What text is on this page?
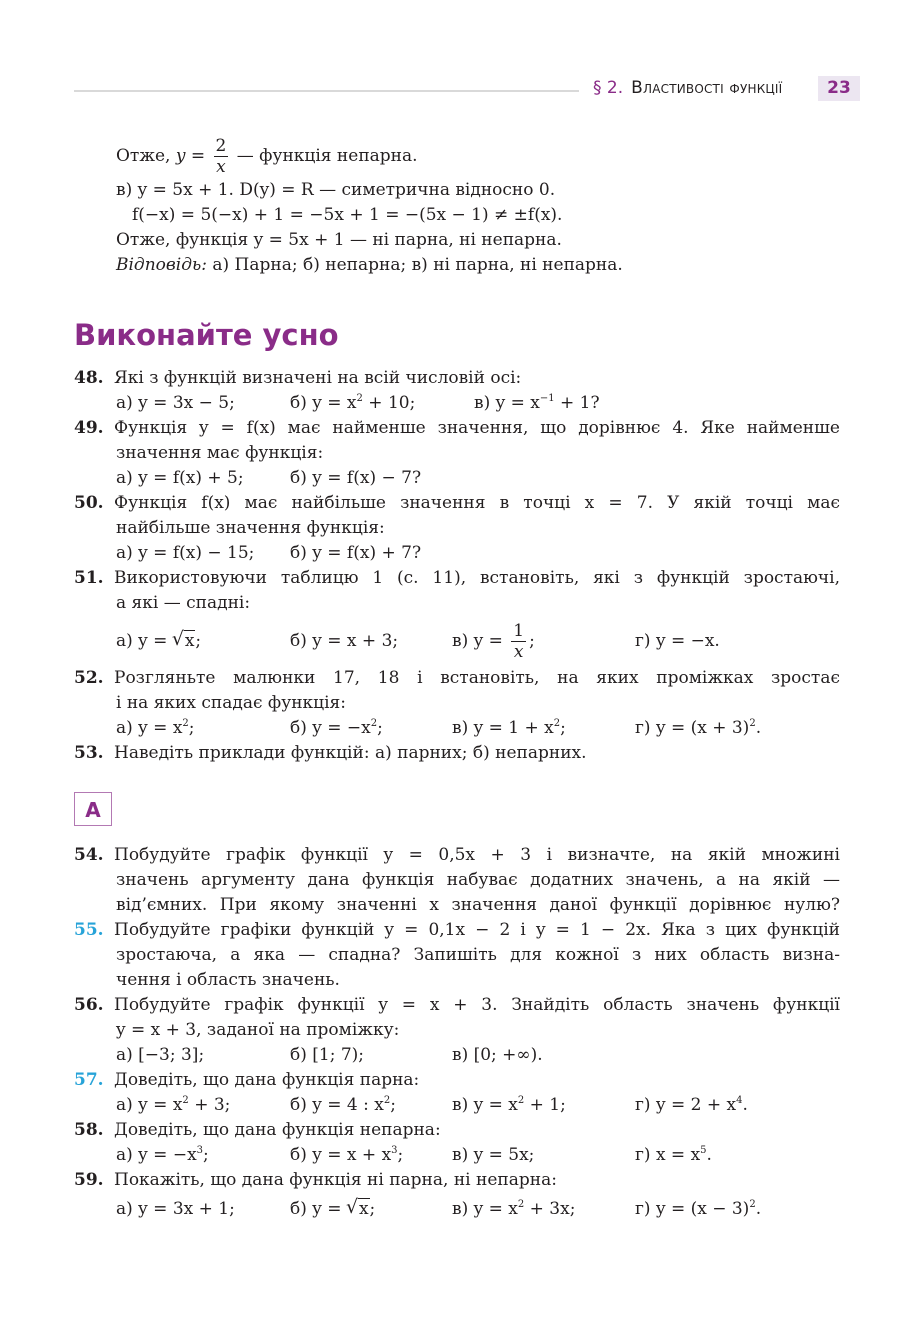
§ 2. Властивості функції	23
Отже, $y = \frac{2}{x}$ — функція непарна.
в) y = 5x + 1. D(y) = R — симетрична відносно 0.
f(−x) = 5(−x) + 1 = −5x + 1 = −(5x − 1) ≠ ±f(x).
Отже, функція y = 5x + 1 — ні парна, ні непарна.
Відповідь: а) Парна; б) непарна; в) ні парна, ні непарна.
Виконайте усно
48. Які з функцій визначені на всій числовій осі:
а) y = 3x − 5;	б) $y = x^2 + 10$;	в) $y = x^{-1} + 1$?
49. Функція y = f(x) має найменше значення, що дорівнює 4. Яке найменше
значення має функція:
а) y = f(x) + 5;	б) y = f(x) − 7?
50. Функція f(x) має найбільше значення в точці x = 7. У якій точці має
найбільше значення функція:
а) y = f(x) − 15; б) y = f(x) + 7?
51. Використовуючи таблицю 1 (с. 11), встановіть, які з функцій зростаючі,
а які — спадні:
а) y = √ x;	б) y = x + 3;	в) $y = \frac{1}{x}$ ;	г) y = −x.
52. Розгляньте малюнки 17, 18 і встановіть, на яких проміжках зростає
і на яких спадає функція:
а) $y = x^2$;	б) $y = -x^2$;	в) $y = 1 + x^2$;	г) $y = (x + 3)^2$.
53. Наведіть приклади функцій: а) парних; б) непарних.
А
54. Побудуйте графік функції y = 0,5x + 3 і визначте, на якій множині
значень аргументу дана функція набуває додатних значень, а на якій —
від’ємних. При якому значенні x значення даної функції дорівнює нулю?
55. Побудуйте графіки функцій y = 0,1x − 2 і y = 1 − 2x. Яка з цих функцій
зростаюча, а яка — спадна? Запишіть для кожної з них область визна-
чення і область значень.
56. Побудуйте графік функції y = x + 3. Знайдіть область значень функції
y = x + 3, заданої на проміжку:
а) [−3; 3];	б) [1; 7);	в) [0; +∞).
57. Доведіть, що дана функція парна:
а) $y = x^2 + 3$;	б) y = 4 : $x^2$;	в) $y = x^2 + 1$;	г) $y = 2 + x^4$.
58. Доведіть, що дана функція непарна:
а) $y = -x^3$;	б) $y = x + x^3$;	в) y = 5x;	г) $x = x^5$.
59. Покажіть, що дана функція ні парна, ні непарна:
а) y = 3x + 1;	б) y = √ x;	в) $y = x^2 + 3x$;	г) $y = (x - 3)^2$.
